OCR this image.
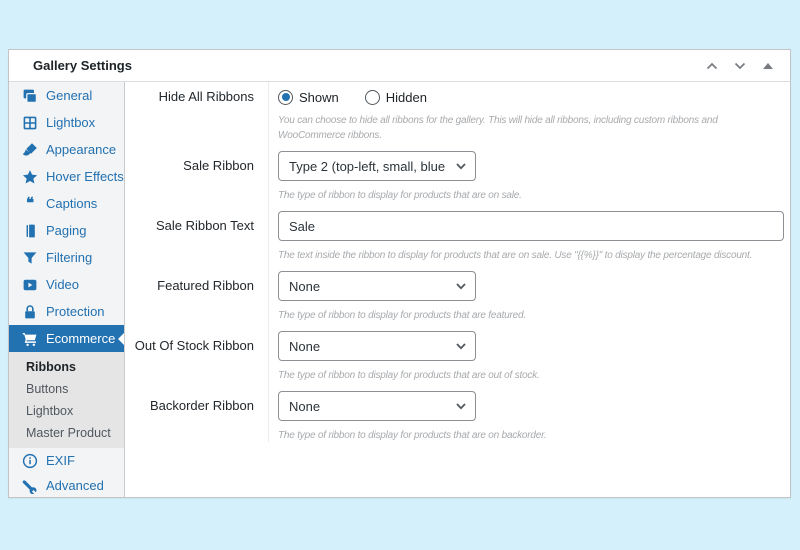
Gallery Settings
General
Lightbox
Appearance
Hover Effects
❝ Captions
Paging
Filtering
Video
Protection
Ecommerce
Ribbons
Buttons
Lightbox
Master Product
EXIF
Advanced
Hide All Ribbons	Shown	Hidden
You can choose to hide all ribbons for the gallery. This will hide all ribbons, including custom ribbons and WooCommerce ribbons.
Sale Ribbon
Type 2 (top-left, small, blue)
The type of ribbon to display for products that are on sale.
Sale Ribbon Text
Sale
The text inside the ribbon to display for products that are on sale. Use "{{%}}" to display the percentage discount.
Featured Ribbon
None
The type of ribbon to display for products that are featured.
Out Of Stock Ribbon
None
The type of ribbon to display for products that are out of stock.
Backorder Ribbon
None
The type of ribbon to display for products that are on backorder.
